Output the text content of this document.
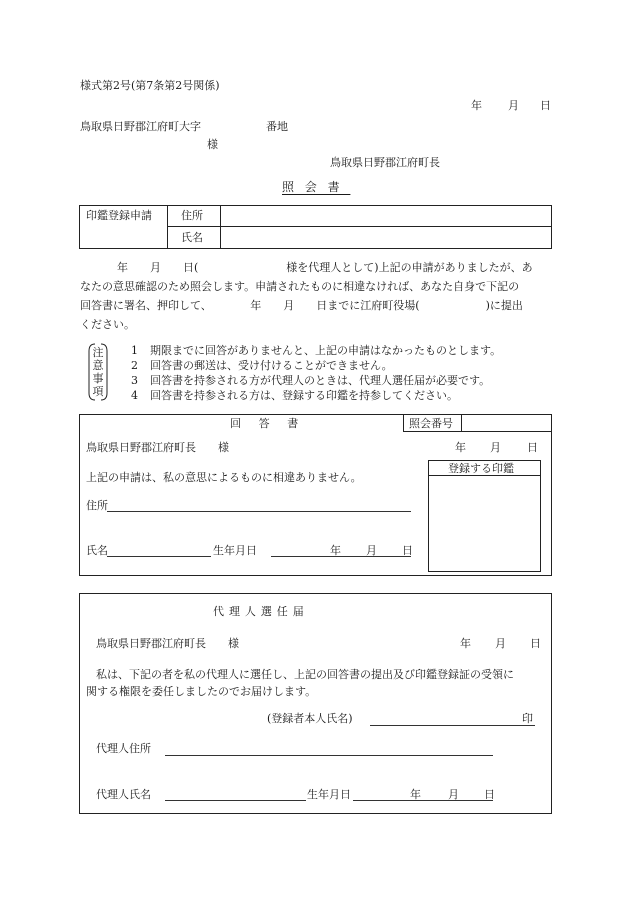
様式第2号(第7条第2号関係)
年 月 日
鳥取県日野郡江府町大字	番地
様
鳥取県日野郡江府町長
照会書
印鑑登録申請	住所
氏名
　　年　　月　　日(　　　　　　　　様を代理人として)上記の申請がありましたが、あ
なたの意思確認のため照会します。申請されたものに相違なければ、あなた自身で下記の
回答書に署名、押印して、　　　　年　　月　　日までに江府町役場(　　　　　　)に提出
ください。
注
意
事
項
1 期限までに回答がありませんと、上記の申請はなかったものとします。
2 回答書の郵送は、受け付けることができません。
3 回答書を持参される方が代理人のときは、代理人選任届が必要です。
4 回答書を持参される方は、登録する印鑑を持参してください。
回答書	照会番号
鳥取県日野郡江府町長　　様	年 月 日
登録する印鑑
上記の申請は、私の意思によるものに相違ありません。
住所
氏名	生年月日	年 月 日
代理人選任届
鳥取県日野郡江府町長　　様	年 月 日
私は、下記の者を私の代理人に選任し、上記の回答書の提出及び印鑑登録証の受領に
関する権限を委任しましたのでお届けします。
(登録者本人氏名)	印
代理人住所
代理人氏名	生年月日	年 月 日
